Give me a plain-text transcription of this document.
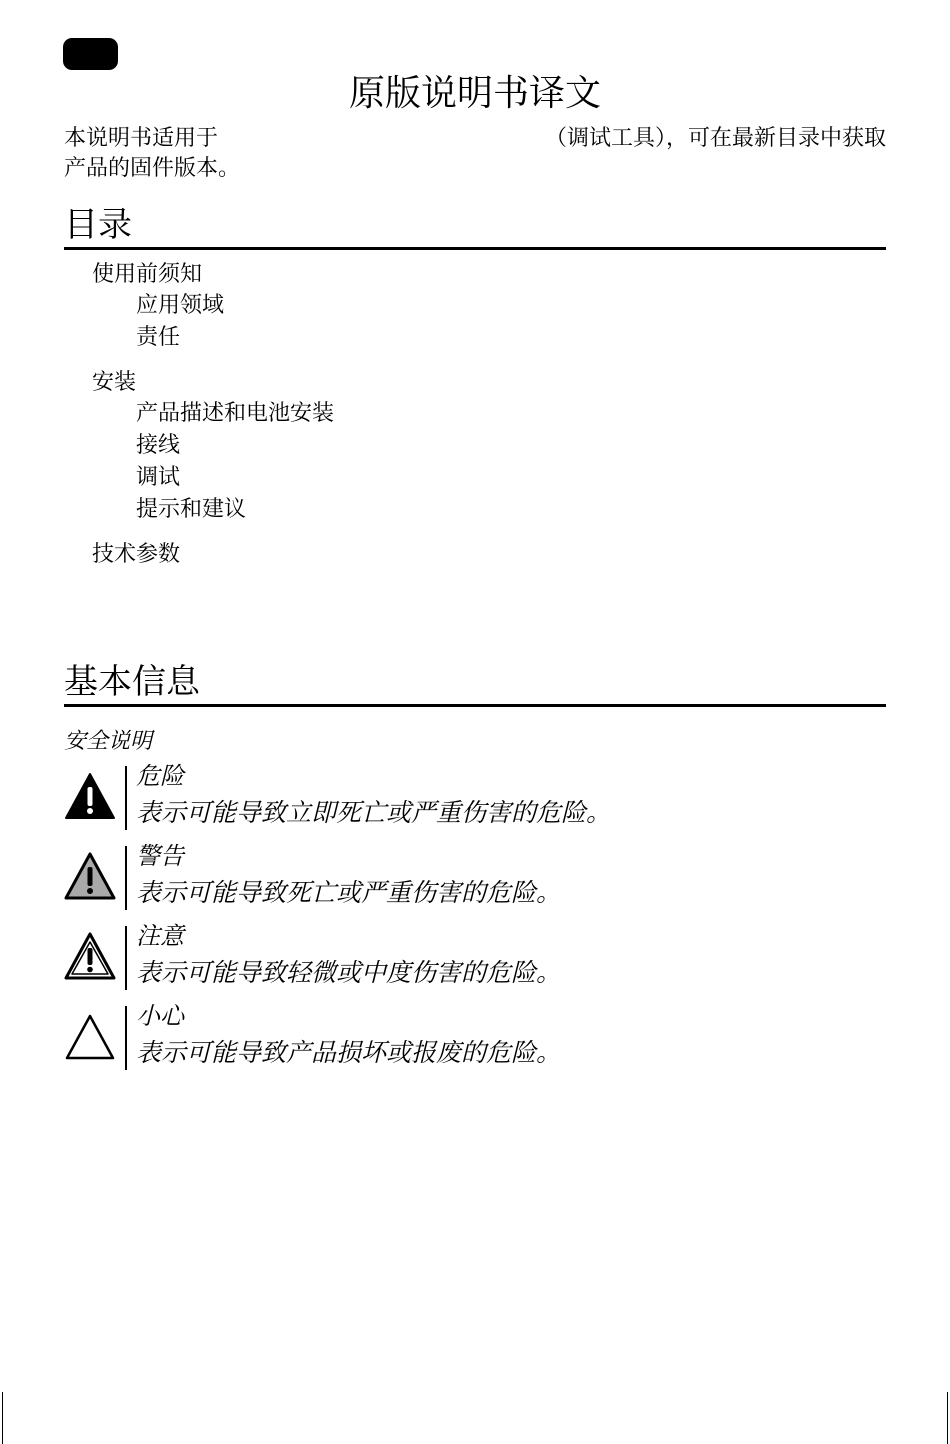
原版说明书译文
本说明书适用于	（调试工具），可在最新目录中获取
产品的固件版本。
目录
使用前须知
应用领域
责任
安装
产品描述和电池安装
接线
调试
提示和建议
技术参数
基本信息
安全说明
危险
表示可能导致立即死亡或严重伤害的危险。
警告
表示可能导致死亡或严重伤害的危险。
注意
表示可能导致轻微或中度伤害的危险。
小心
表示可能导致产品损坏或报废的危险。
